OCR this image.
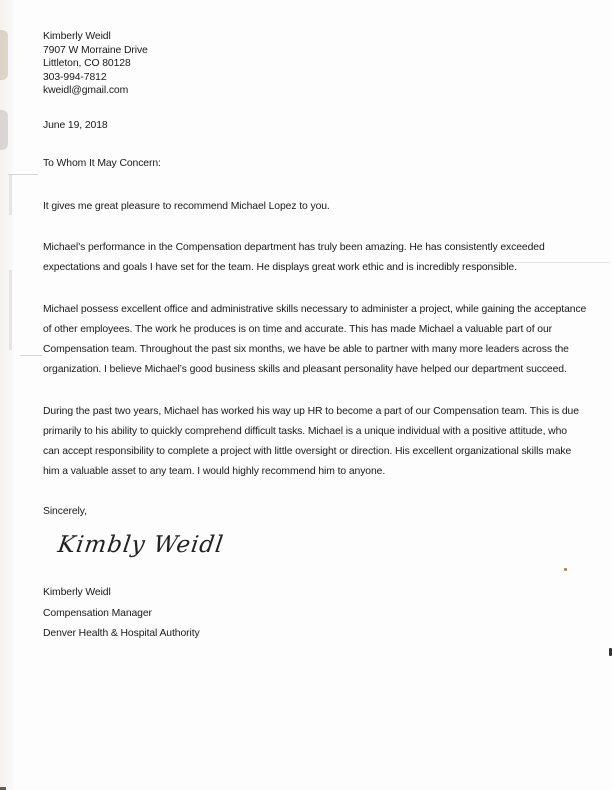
Kimberly Weidl
7907 W Morraine Drive
Littleton, CO 80128
303-994-7812
kweidl@gmail.com
June 19, 2018
To Whom It May Concern:
It gives me great pleasure to recommend Michael Lopez to you.
Michael’s performance in the Compensation department has truly been amazing. He has consistently exceeded
expectations and goals I have set for the team. He displays great work ethic and is incredibly responsible.
Michael possess excellent office and administrative skills necessary to administer a project, while gaining the acceptance
of other employees. The work he produces is on time and accurate. This has made Michael a valuable part of our
Compensation team. Throughout the past six months, we have be able to partner with many more leaders across the
organization. I believe Michael’s good business skills and pleasant personality have helped our department succeed.
During the past two years, Michael has worked his way up HR to become a part of our Compensation team. This is due
primarily to his ability to quickly comprehend difficult tasks. Michael is a unique individual with a positive attitude, who
can accept responsibility to complete a project with little oversight or direction. His excellent organizational skills make
him a valuable asset to any team. I would highly recommend him to anyone.
Sincerely,
Kimbly Weidl
Kimberly Weidl
Compensation Manager
Denver Health & Hospital Authority
